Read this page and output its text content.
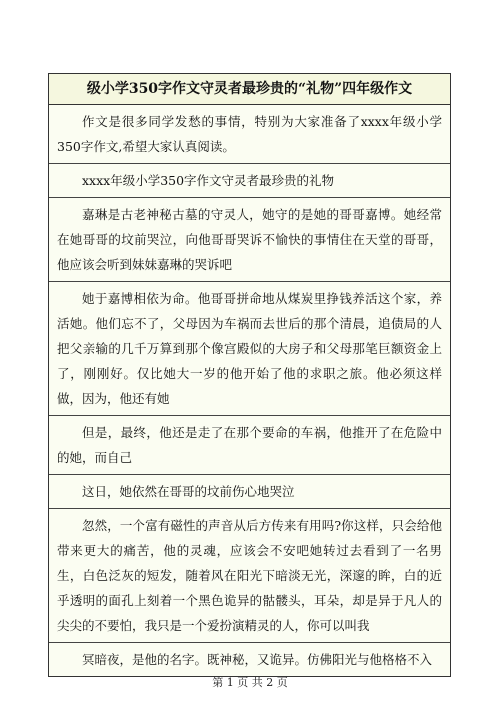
级小学350字作文守灵者最珍贵的“礼物”四年级作文

作文是很多同学发愁的事情，特别为大家准备了xxxx年级小学350字作文,希望大家认真阅读。

xxxx年级小学350字作文守灵者最珍贵的礼物

嘉琳是古老神秘古墓的守灵人，她守的是她的哥哥嘉博。她经常在她哥哥的坟前哭泣，向他哥哥哭诉不愉快的事情住在天堂的哥哥，他应该会听到妹妹嘉琳的哭诉吧

她于嘉博相依为命。他哥哥拼命地从煤炭里挣钱养活这个家，养活她。他们忘不了，父母因为车祸而去世后的那个清晨，追债局的人把父亲输的几千万算到那个像宫殿似的大房子和父母那笔巨额资金上了，刚刚好。仅比她大一岁的他开始了他的求职之旅。他必须这样做，因为，他还有她

但是，最终，他还是走了在那个要命的车祸，他推开了在危险中的她，而自己

这日，她依然在哥哥的坟前伤心地哭泣

忽然，一个富有磁性的声音从后方传来有用吗?你这样，只会给他带来更大的痛苦，他的灵魂，应该会不安吧她转过去看到了一名男生，白色泛灰的短发，随着风在阳光下暗淡无光，深邃的眸，白的近乎透明的面孔上刻着一个黑色诡异的骷髅头，耳朵，却是异于凡人的尖尖的不要怕，我只是一个爱扮演精灵的人，你可以叫我

冥暗夜，是他的名字。既神秘，又诡异。仿佛阳光与他格格不入

第 1 页 共 2 页
